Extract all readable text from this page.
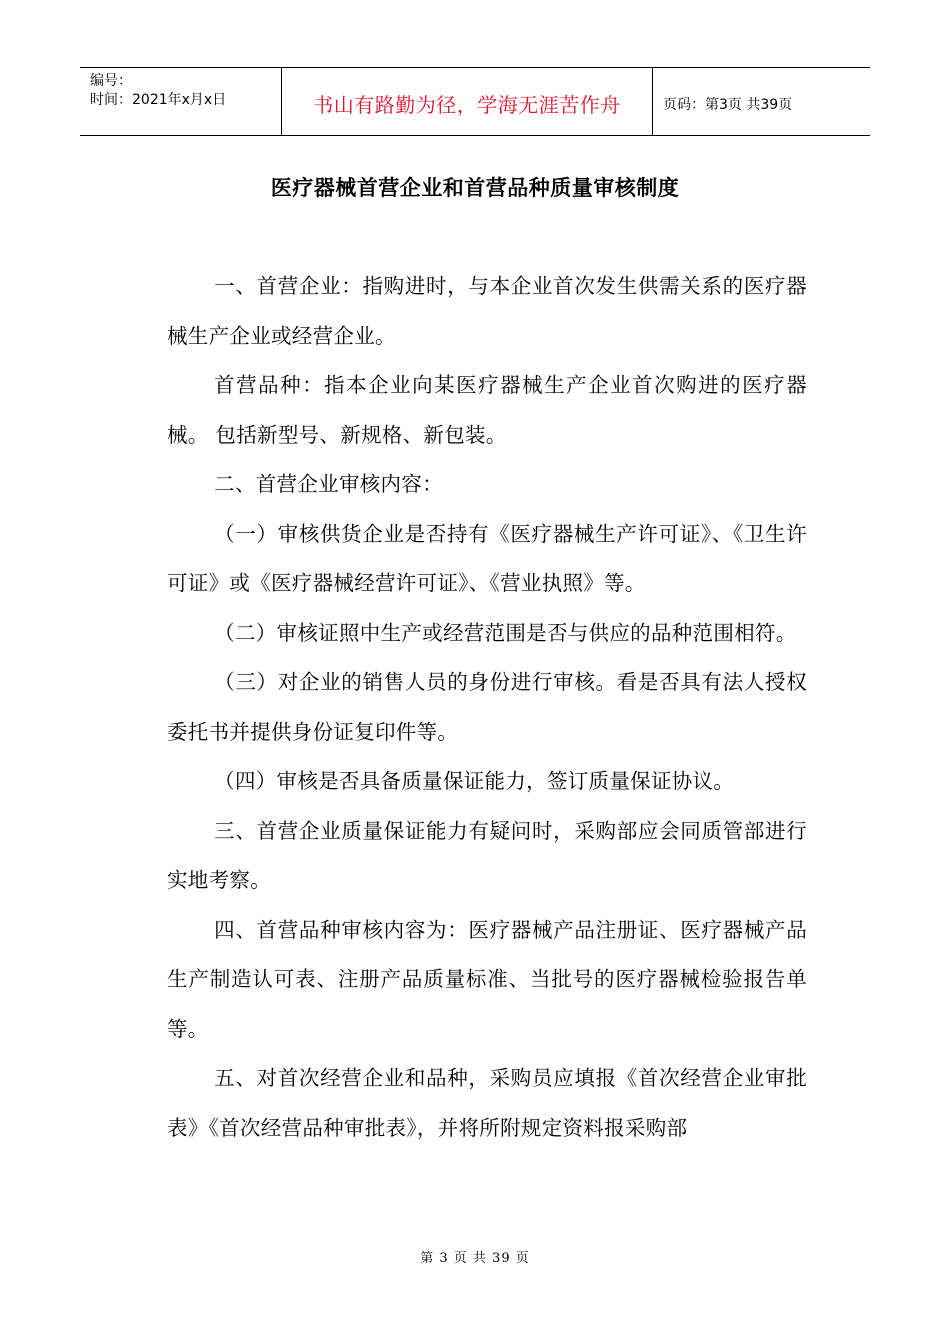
编号：
时间：2021年x月x日	书山有路勤为径，学海无涯苦作舟	页码：第3页 共39页
医疗器械首营企业和首营品种质量审核制度

一、首营企业：指购进时，与本企业首次发生供需关系的医疗器械生产企业或经营企业。

首营品种：指本企业向某医疗器械生产企业首次购进的医疗器械。 包括新型号、新规格、新包装。

二、首营企业审核内容：

（一）审核供货企业是否持有《医疗器械生产许可证》、《卫生许可证》或《医疗器械经营许可证》、《营业执照》等。

（二）审核证照中生产或经营范围是否与供应的品种范围相符。

（三）对企业的销售人员的身份进行审核。看是否具有法人授权委托书并提供身份证复印件等。

（四）审核是否具备质量保证能力，签订质量保证协议。

三、首营企业质量保证能力有疑问时，采购部应会同质管部进行实地考察。

四、首营品种审核内容为：医疗器械产品注册证、医疗器械产品生产制造认可表、注册产品质量标准、当批号的医疗器械检验报告单等。

五、对首次经营企业和品种，采购员应填报《首次经营企业审批表》《首次经营品种审批表》，并将所附规定资料报采购部

第 3 页 共 39 页
